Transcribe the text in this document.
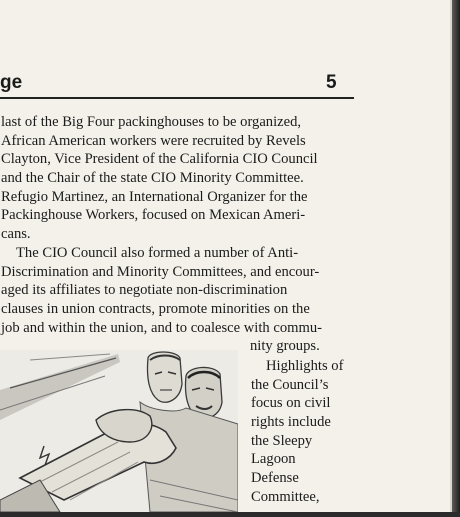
ge	5
last of the Big Four packinghouses to be organized,
African American workers were recruited by Revels
Clayton, Vice President of the California CIO Council
and the Chair of the state CIO Minority Committee.
Refugio Martinez, an International Organizer for the
Packinghouse Workers, focused on Mexican Ameri-
cans.
The CIO Council also formed a number of Anti-
Discrimination and Minority Committees, and encour-
aged its affiliates to negotiate non-discrimination
clauses in union contracts, promote minorities on the
job and within the union, and to coalesce with commu-
nity groups.
Highlights of
the Council’s
focus on civil
rights include
the Sleepy
Lagoon
Defense
Committee,
